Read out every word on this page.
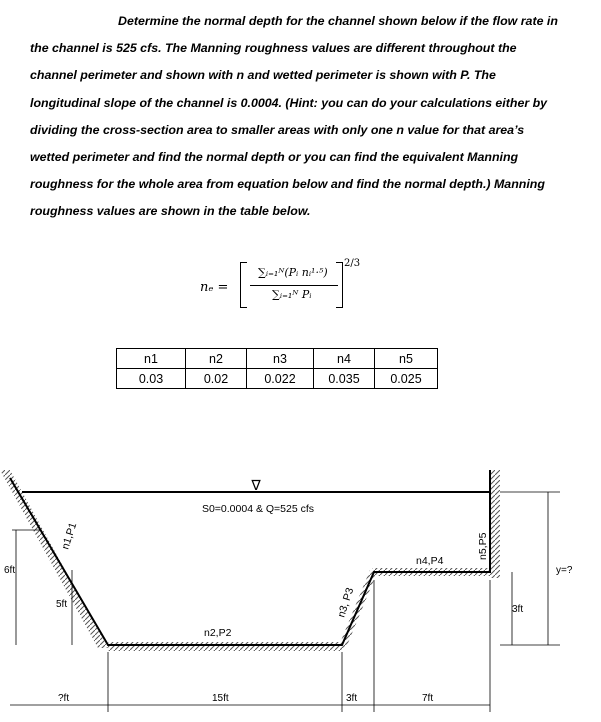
Determine the normal depth for the channel shown below if the flow rate in
the channel is 525 cfs. The Manning roughness values are different throughout the
channel perimeter and shown with n and wetted perimeter is shown with P. The
longitudinal slope of the channel is 0.0004. (Hint: you can do your calculations either by
dividing the cross-section area to smaller areas with only one n value for that area’s
wetted perimeter and find the normal depth or you can find the equivalent Manning
roughness for the whole area from equation below and find the normal depth.) Manning
roughness values are shown in the table below.
nₑ =
∑ᵢ₌₁ᴺ(Pᵢ nᵢ¹·⁵)
∑ᵢ₌₁ᴺ Pᵢ
2/3
n1	n2	n3	n4	n5
0.03	0.02	0.022	0.035	0.025
∇
S0=0.0004 & Q=525 cfs
n1,P1
n2,P2
n3, P3
n4,P4
n5,P5
6ft
5ft	3ft
y=?
?ft	15ft	3ft	7ft
